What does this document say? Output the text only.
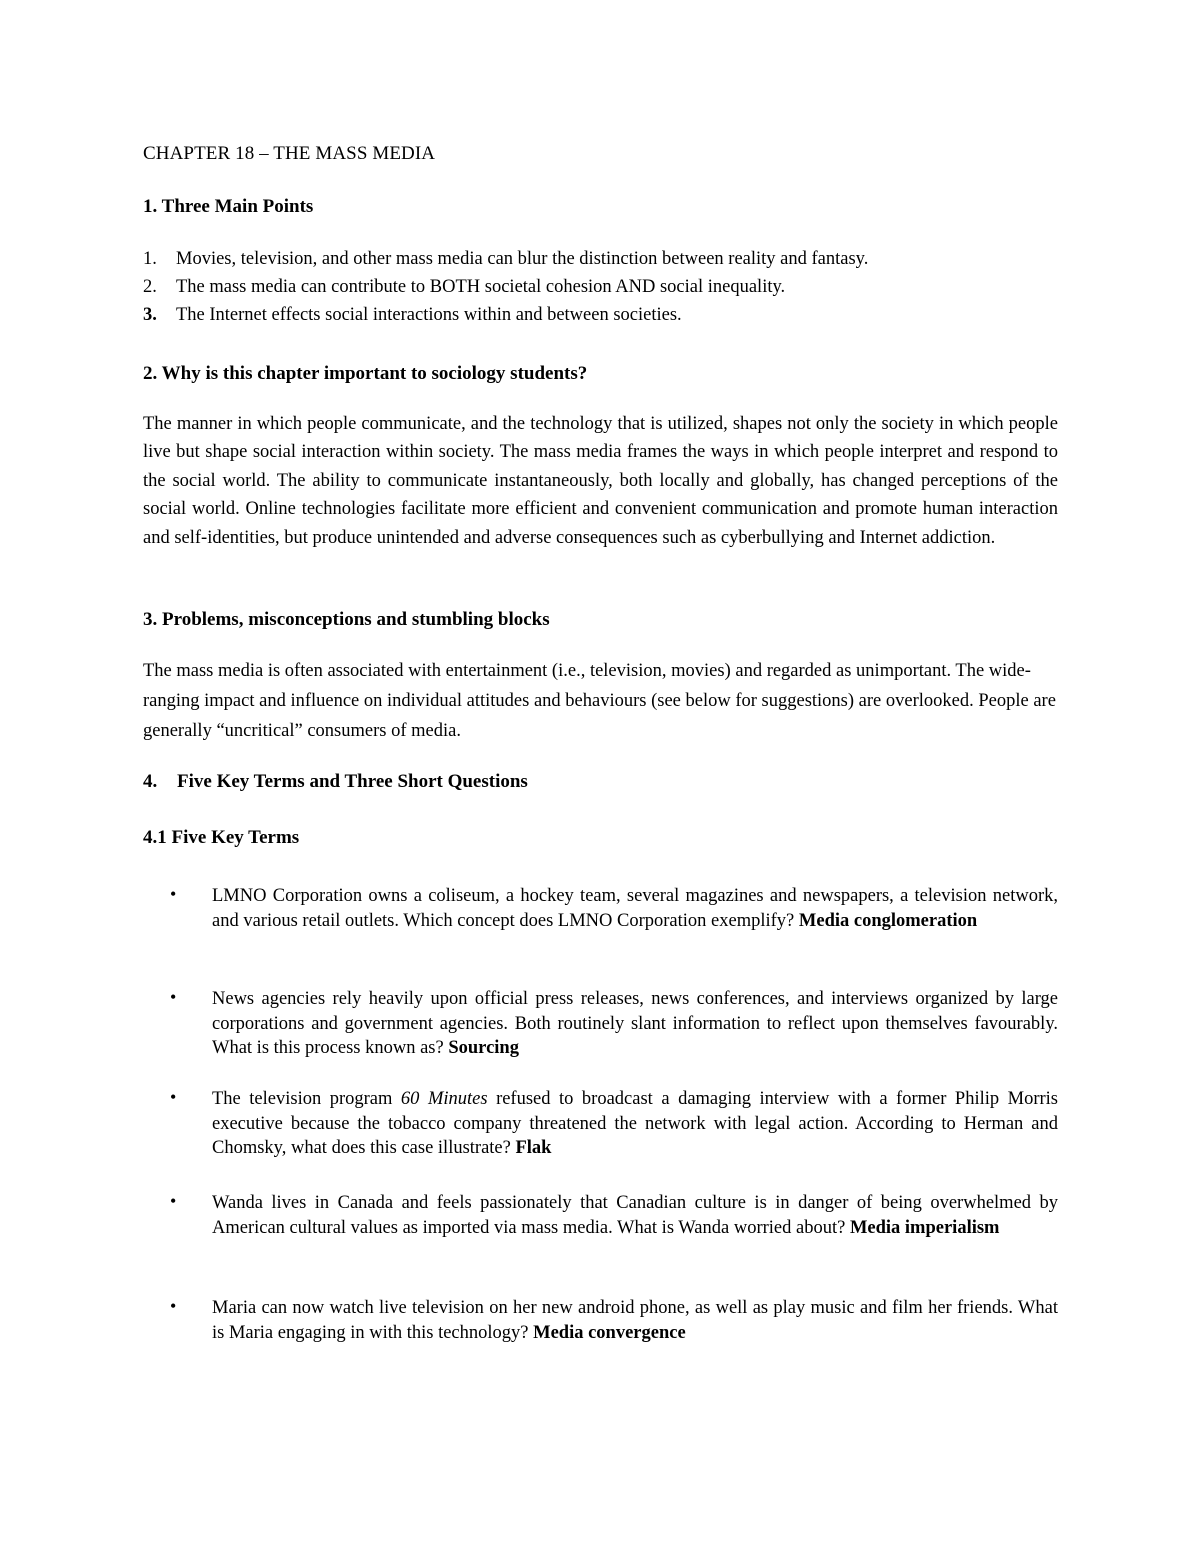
CHAPTER 18 – THE MASS MEDIA
1. Three Main Points
1. Movies, television, and other mass media can blur the distinction between reality and fantasy.
2. The mass media can contribute to BOTH societal cohesion AND social inequality.
3. The Internet effects social interactions within and between societies.
2. Why is this chapter important to sociology students?
The manner in which people communicate, and the technology that is utilized, shapes not only the society in which people live but shape social interaction within society. The mass media frames the ways in which people interpret and respond to the social world. The ability to communicate instantaneously, both locally and globally, has changed perceptions of the social world. Online technologies facilitate more efficient and convenient communication and promote human interaction and self-identities, but produce unintended and adverse consequences such as cyberbullying and Internet addiction.
3. Problems, misconceptions and stumbling blocks
The mass media is often associated with entertainment (i.e., television, movies) and regarded as unimportant. The wide-ranging impact and influence on individual attitudes and behaviours (see below for suggestions) are overlooked. People are generally “uncritical” consumers of media.
4. Five Key Terms and Three Short Questions
4.1 Five Key Terms
• LMNO Corporation owns a coliseum, a hockey team, several magazines and newspapers, a television network, and various retail outlets. Which concept does LMNO Corporation exemplify? Media conglomeration
• News agencies rely heavily upon official press releases, news conferences, and interviews organized by large corporations and government agencies. Both routinely slant information to reflect upon themselves favourably. What is this process known as? Sourcing
• The television program 60 Minutes refused to broadcast a damaging interview with a former Philip Morris executive because the tobacco company threatened the network with legal action. According to Herman and Chomsky, what does this case illustrate? Flak
• Wanda lives in Canada and feels passionately that Canadian culture is in danger of being overwhelmed by American cultural values as imported via mass media. What is Wanda worried about? Media imperialism
• Maria can now watch live television on her new android phone, as well as play music and film her friends. What is Maria engaging in with this technology? Media convergence
